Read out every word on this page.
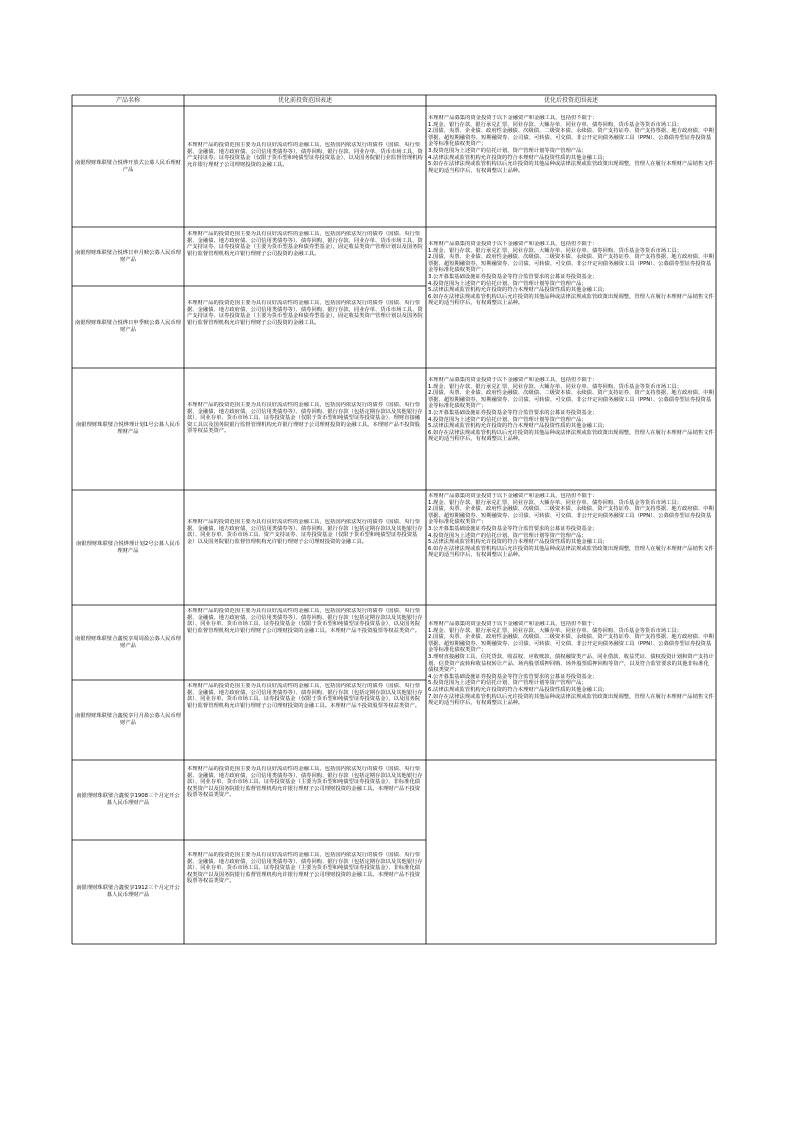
产品名称	优化前投资范围表述	优化后投资范围表述
南银理财珠联璧合悦烨开放式公募人民币理财产品
本理财产品的投资范围主要为具有良好流动性的金融工具，包括国内依法发行的债券（国债、央行票据、金融债、地方政府债、公司信用类债券等）、债券回购、银行存款、同业存单、货币市场工具、资产支持证券、证券投资基金（仅限于货币型和纯债型证券投资基金），以及国务院银行业监督管理机构允许银行理财子公司理财投资的金融工具。
南银理财珠联璧合悦烨日申月赎公募人民币理财产品
本理财产品的投资范围主要为具有良好流动性的金融工具，包括国内依法发行的债券（国债、央行票据、金融债、地方政府债、公司信用类债券等）、债券回购、银行存款、同业存单、货币市场工具、资产支持证券、证券投资基金（主要为货币型基金和债券型基金），固定收益类资产管理计划以及国务院银行监督管理机构允许银行理财子公司投资的金融工具。
南银理财珠联璧合悦烨日申季赎公募人民币理财产品
本理财产品的投资范围主要为具有良好流动性的金融工具，包括国内依法发行的债券（国债、央行票据、金融债、地方政府债、公司信用类债券等）、债券回购、银行存款、同业存单、货币市场工具、资产支持证券、证券投资基金（主要为货币型基金和债券型基金），固定收益类资产管理计划以及国务院银行监督管理机构允许银行理财子公司投资的金融工具。
南银理财珠联璧合悦烨理计划1号公募人民币理财产品
本理财产品的投资范围主要为具有良好流动性的金融工具，包括国内依法发行的债券（国债、央行票据、金融债、地方政府债、公司信用类债券等）、债券回购、银行存款（包括定期存款以及其他银行存款）、同业存单、货币市场工具、证券投资基金（仅限于货币型和纯债型证券投资基金）、理财直接融资工具以及国务院银行监督管理机构允许银行理财子公司理财投资的金融工具。本理财产品不投资股票等权益类资产。
南银理财珠联璧合悦烨理计划2号公募人民币理财产品
本理财产品的投资范围主要为具有良好流动性的金融工具，包括国内依法发行的债券（国债、央行票据、金融债、地方政府债、公司信用类债券等）、债券回购、银行存款（包括定期存款以及其他银行存款）、同业存单、货币市场工具、资产支持证券、证券投资基金（仅限于货币型和纯债型证券投资基金）以及国务院银行监督管理机构允许银行理财子公司理财投资的金融工具。
南银理财珠联璧合鑫悦享周周盈公募人民币理财产品
本理财产品的投资范围主要为具有良好流动性的金融工具，包括国内依法发行的债券（国债、央行票据、金融债、地方政府债、公司信用类债券等）、债券回购、银行存款（包括定期存款以及其他银行存款）、同业存单、货币市场工具、证券投资基金（仅限于货币型和纯债型证券投资基金），以及国务院银行监督管理机构允许银行理财子公司理财投资的金融工具。本理财产品不投资股票等权益类资产。
南银理财珠联璧合鑫悦享月月盈公募人民币理财产品
本理财产品的投资范围主要为具有良好流动性的金融工具，包括国内依法发行的债券（国债、央行票据、金融债、地方政府债、公司信用类债券等）、债券回购、银行存款（包括定期存款以及其他银行存款）、同业存单、货币市场工具、证券投资基金（仅限于货币型和纯债型证券投资基金），以及国务院银行监督管理机构允许银行理财子公司理财投资的金融工具。本理财产品不投资股票等权益类资产。
南银理财珠联璧合鑫悦享1908三个月定开公募人民币理财产品
本理财产品的投资范围主要为具有良好流动性的金融工具，包括国内依法发行的债券（国债、央行票据、金融债、地方政府债、公司信用类债券等）、债券回购、银行存款（包括定期存款以及其他银行存款）、同业存单、货币市场工具、证券投资基金（主要为货币型和纯债型证券投资基金）、非标准化债权类资产以及国务院银行监督管理机构允许银行理财子公司理财投资的金融工具。本理财产品不投资股票等权益类资产。
南银理财珠联璧合鑫悦享1912三个月定开公募人民币理财产品
本理财产品的投资范围主要为具有良好流动性的金融工具，包括国内依法发行的债券（国债、央行票据、金融债、地方政府债、公司信用类债券等）、债券回购、银行存款（包括定期存款以及其他银行存款）、同业存单、货币市场工具、证券投资基金（主要为货币型和纯债型证券投资基金）、非标准化债权类资产以及国务院银行监督管理机构允许银行理财子公司理财投资的金融工具。本理财产品不投资股票等权益类资产。
本理财产品募集的资金投资于以下金融资产和金融工具，包括但不限于：
1.现金、银行存款、银行承兑汇票、同业存款、大额存单、同业存单、债券回购、货币基金等货币市场工具；
2.国债、央票、企业债、政府性金融债、次级债、二级资本债、永续债、资产支持证券、资产支持票据、地方政府债、中期票据、超短期融资券、短期融资券、公司债、可转债、可交债、非公开定向债务融资工具（PPN）、公募债券型证券投资基金等标准化债权类资产；
3.投资范围为上述资产的信托计划、资产管理计划等资产管理产品；
4.法律法规或监管机构允许投资的符合本理财产品投资性质的其他金融工具；
5.如存在法律法规或监管机构以后允许投资的其他品种或法律法规或监管政策出现调整，管理人在履行本理财产品销售文件规定的适当程序后，有权调整以上品种。
本理财产品募集的资金投资于以下金融资产和金融工具，包括但不限于：
1.现金、银行存款、银行承兑汇票、同业存款、大额存单、同业存单、债券回购、货币基金等货币市场工具；
2.国债、央票、企业债、政府性金融债、次级债、二级资本债、永续债、资产支持证券、资产支持票据、地方政府债、中期票据、超短期融资券、短期融资券、公司债、可转债、可交债、非公开定向债务融资工具（PPN）、公募债券型证券投资基金等标准化债权类资产；
3.公开募集基础设施证券投资基金等符合监管要求的公募证券投资基金；
4.投资范围为上述资产的信托计划、资产管理计划等资产管理产品；
5.法律法规或监管机构允许投资的符合本理财产品投资性质的其他金融工具；
6.如存在法律法规或监管机构以后允许投资的其他品种或法律法规或监管政策出现调整，管理人在履行本理财产品销售文件规定的适当程序后，有权调整以上品种。
本理财产品募集的资金投资于以下金融资产和金融工具，包括但不限于：
1.现金、银行存款、银行承兑汇票、同业存款、大额存单、同业存单、债券回购、货币基金等货币市场工具；
2.国债、央票、企业债、政府性金融债、次级债、二级资本债、永续债、资产支持证券、资产支持票据、地方政府债、中期票据、超短期融资券、短期融资券、公司债、可转债、可交债、非公开定向债务融资工具（PPN）、公募债券型证券投资基金等标准化债权类资产；
3.公开募集基础设施证券投资基金等符合监管要求的公募证券投资基金；
4.投资范围为上述资产的信托计划、资产管理计划等资产管理产品；
5.法律法规或监管机构允许投资的符合本理财产品投资性质的其他金融工具；
6.如存在法律法规或监管机构以后允许投资的其他品种或法律法规或监管政策出现调整，管理人在履行本理财产品销售文件规定的适当程序后，有权调整以上品种。
本理财产品募集的资金投资于以下金融资产和金融工具，包括但不限于：
1.现金、银行存款、银行承兑汇票、同业存款、大额存单、同业存单、债券回购、货币基金等货币市场工具；
2.国债、央票、企业债、政府性金融债、次级债、二级资本债、永续债、资产支持证券、资产支持票据、地方政府债、中期票据、超短期融资券、短期融资券、公司债、可转债、可交债、非公开定向债务融资工具（PPN）、公募债券型证券投资基金等标准化债权类资产；
3.公开募集基础设施证券投资基金等符合监管要求的公募证券投资基金；
4.投资范围为上述资产的信托计划、资产管理计划等资产管理产品；
5.法律法规或监管机构允许投资的符合本理财产品投资性质的其他金融工具；
6.如存在法律法规或监管机构以后允许投资的其他品种或法律法规或监管政策出现调整，管理人在履行本理财产品销售文件规定的适当程序后，有权调整以上品种。
本理财产品募集的资金投资于以下金融资产和金融工具，包括但不限于：
1.现金、银行存款、银行承兑汇票、同业存款、大额存单、同业存单、债券回购、货币基金等货币市场工具；
2.国债、央票、企业债、政府性金融债、次级债、二级资本债、永续债、资产支持证券、资产支持票据、地方政府债、中期票据、超短期融资券、短期融资券、公司债、可转债、可交债、非公开定向债务融资工具（PPN）、公募债券型证券投资基金等标准化债权类资产；
3.理财直接融资工具、信托贷款、收益权、应收账款、债权融资类产品、同业借款、收益凭证、债权投资计划和资产支持计划、信贷资产流转和收益权转让产品、场内股票质押回购、场外股票质押回购等资产，以及符合监管要求的其他非标准化债权类资产；
4.公开募集基础设施证券投资基金等符合监管要求的公募证券投资基金；
5.投资范围为上述资产的信托计划、资产管理计划等资产管理产品；
6.法律法规或监管机构允许投资的符合本理财产品投资性质的其他金融工具；
7.如存在法律法规或监管机构以后允许投资的其他品种或法律法规或监管政策出现调整，管理人在履行本理财产品销售文件规定的适当程序后，有权调整以上品种。
